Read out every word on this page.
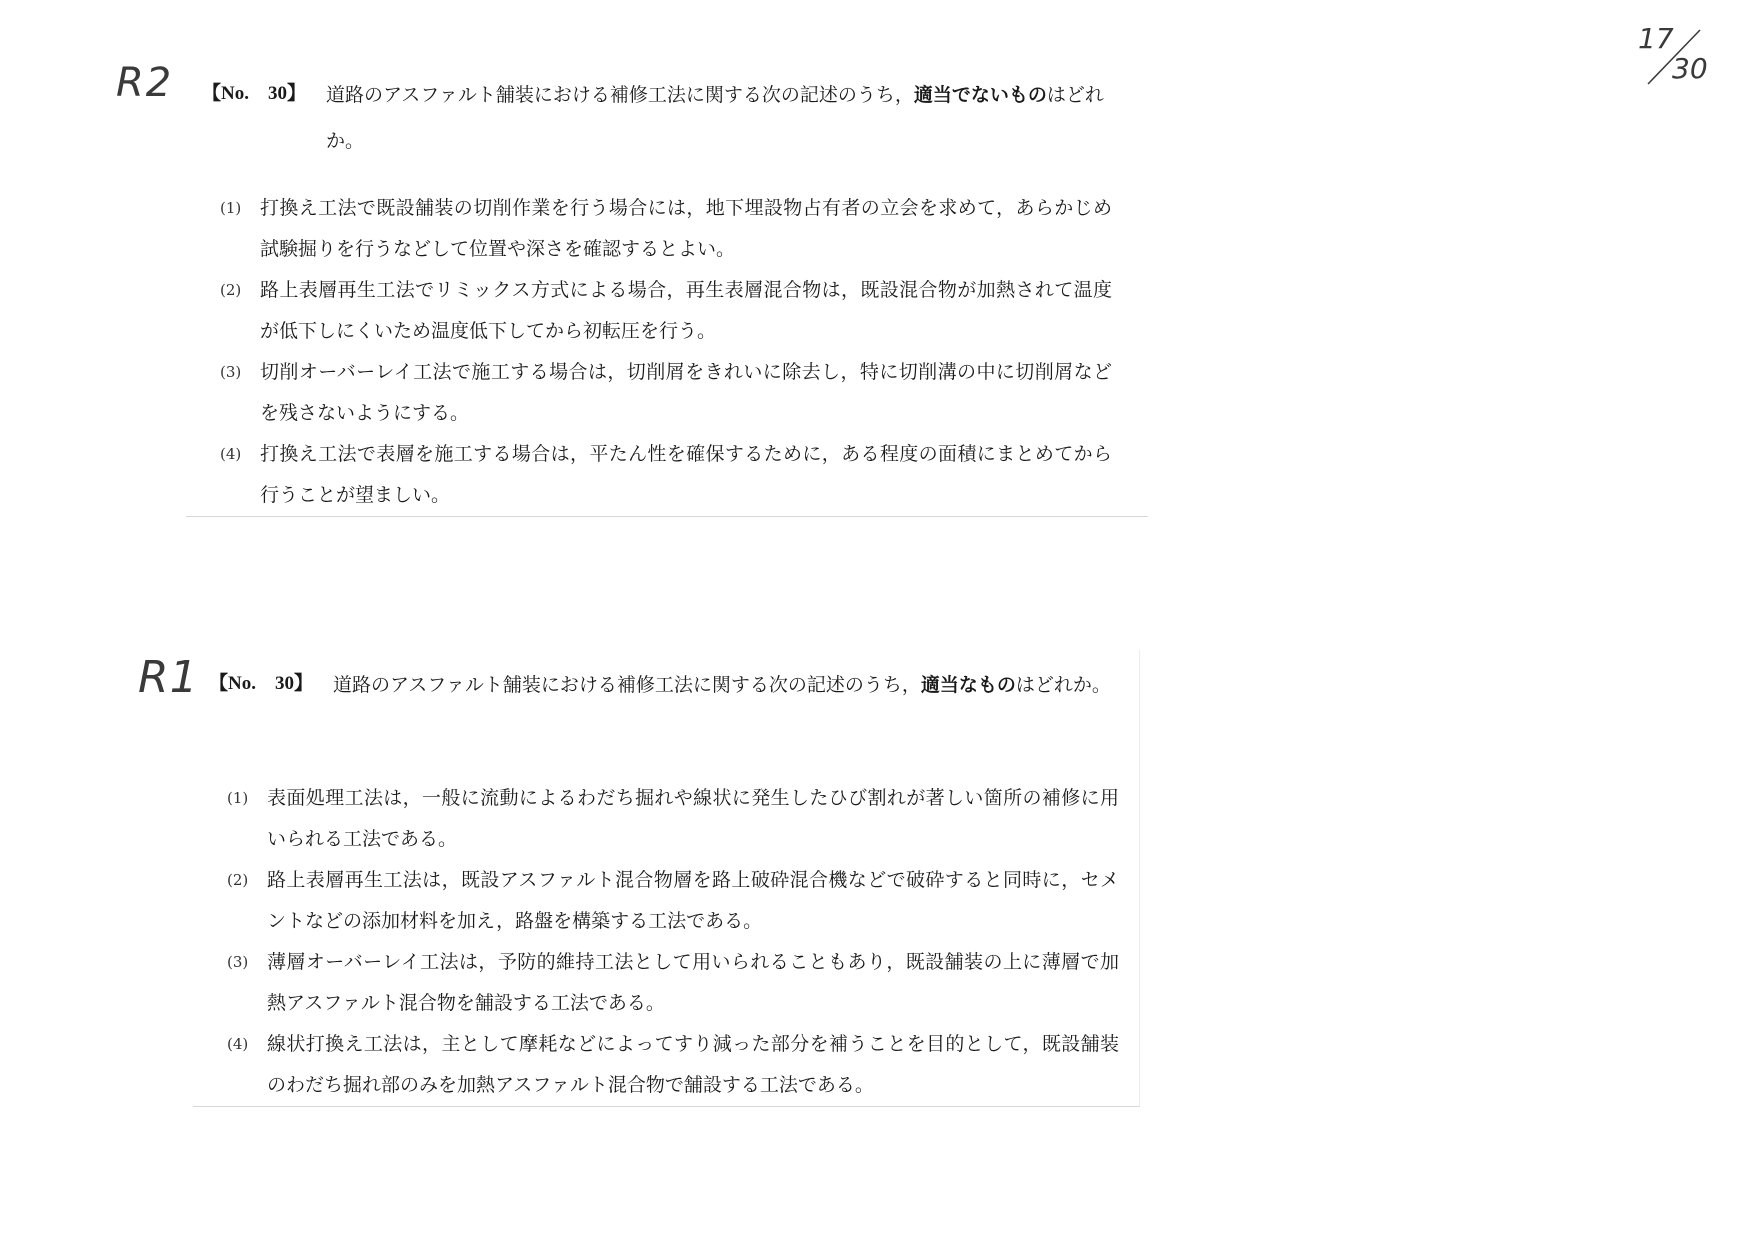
R2
R1
17
30
【No.　30】 道路のアスファルト舗装における補修工法に関する次の記述のうち，適当でないものはどれか。
(1) 打換え工法で既設舗装の切削作業を行う場合には，地下埋設物占有者の立会を求めて，あらかじめ試験掘りを行うなどして位置や深さを確認するとよい。
(2) 路上表層再生工法でリミックス方式による場合，再生表層混合物は，既設混合物が加熱されて温度が低下しにくいため温度低下してから初転圧を行う。
(3) 切削オーバーレイ工法で施工する場合は，切削屑をきれいに除去し，特に切削溝の中に切削屑などを残さないようにする。
(4) 打換え工法で表層を施工する場合は，平たん性を確保するために，ある程度の面積にまとめてから行うことが望ましい。
【No.　30】 道路のアスファルト舗装における補修工法に関する次の記述のうち，適当なものはどれか。
(1) 表面処理工法は，一般に流動によるわだち掘れや線状に発生したひび割れが著しい箇所の補修に用いられる工法である。
(2) 路上表層再生工法は，既設アスファルト混合物層を路上破砕混合機などで破砕すると同時に，セメントなどの添加材料を加え，路盤を構築する工法である。
(3) 薄層オーバーレイ工法は，予防的維持工法として用いられることもあり，既設舗装の上に薄層で加熱アスファルト混合物を舗設する工法である。
(4) 線状打換え工法は，主として摩耗などによってすり減った部分を補うことを目的として，既設舗装のわだち掘れ部のみを加熱アスファルト混合物で舗設する工法である。
